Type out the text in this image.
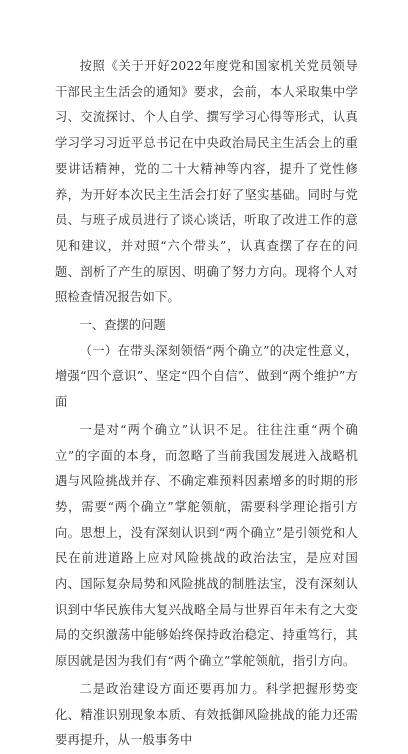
按照《关于开好2022年度党和国家机关党员领导干部民主生活会的通知》要求，会前，本人采取集中学习、交流探讨、个人自学、撰写学习心得等形式，认真学习学习习近平总书记在中央政治局民主生活会上的重要讲话精神，党的二十大精神等内容，提升了党性修养，为开好本次民主生活会打好了坚实基础。同时与党员、与班子成员进行了谈心谈话，听取了改进工作的意见和建议，并对照“六个带头”，认真查摆了存在的问题、剖析了产生的原因、明确了努力方向。现将个人对照检查情况报告如下。

一、查摆的问题

（一）在带头深刻领悟“两个确立”的决定性意义，增强“四个意识”、坚定“四个自信”、做到“两个维护”方面

一是对“两个确立”认识不足。往往注重“两个确立”的字面的本身，而忽略了当前我国发展进入战略机遇与风险挑战并存、不确定难预料因素增多的时期的形势，需要“两个确立”掌舵领航，需要科学理论指引方向。思想上，没有深刻认识到“两个确立”是引领党和人民在前进道路上应对风险挑战的政治法宝，是应对国内、国际复杂局势和风险挑战的制胜法宝，没有深刻认识到中华民族伟大复兴战略全局与世界百年未有之大变局的交织激荡中能够始终保持政治稳定、持重笃行，其原因就是因为我们有“两个确立”掌舵领航，指引方向。

二是政治建设方面还要再加力。科学把握形势变化、精准识别现象本质、有效抵御风险挑战的能力还需要再提升，从一般事务中
